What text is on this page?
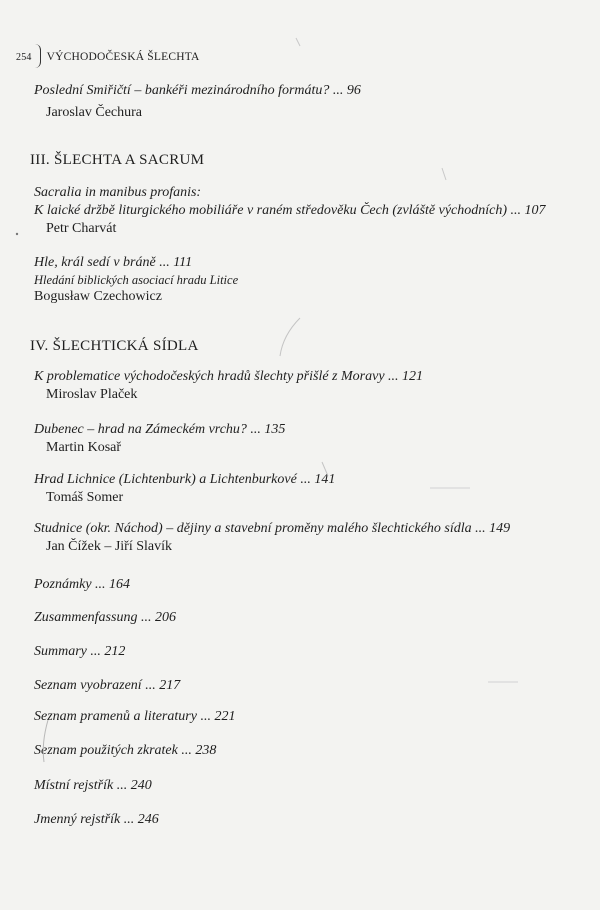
254 VÝCHODOČESKÁ ŠLECHTA
Poslední Smiřičtí – bankéři mezinárodního formátu? ... 96
Jaroslav Čechura
III. ŠLECHTA A SACRUM
Sacralia in manibus profanis:
K laické držbě liturgického mobiliáře v raném středověku Čech (zvláště východních) ... 107
Petr Charvát
Hle, král sedí v bráně ... 111
Hledání biblických asociací hradu Litice
Bogusław Czechowicz
IV. ŠLECHTICKÁ SÍDLA
K problematice východočeských hradů šlechty přišlé z Moravy ... 121
Miroslav Plaček
Dubenec – hrad na Zámeckém vrchu? ... 135
Martin Kosař
Hrad Lichnice (Lichtenburk) a Lichtenburkové ... 141
Tomáš Somer
Studnice (okr. Náchod) – dějiny a stavební proměny malého šlechtického sídla ... 149
Jan Čížek – Jiří Slavík
Poznámky ... 164
Zusammenfassung ... 206
Summary ... 212
Seznam vyobrazení ... 217
Seznam pramenů a literatury ... 221
Seznam použitých zkratek ... 238
Místní rejstřík ... 240
Jmenný rejstřík ... 246
